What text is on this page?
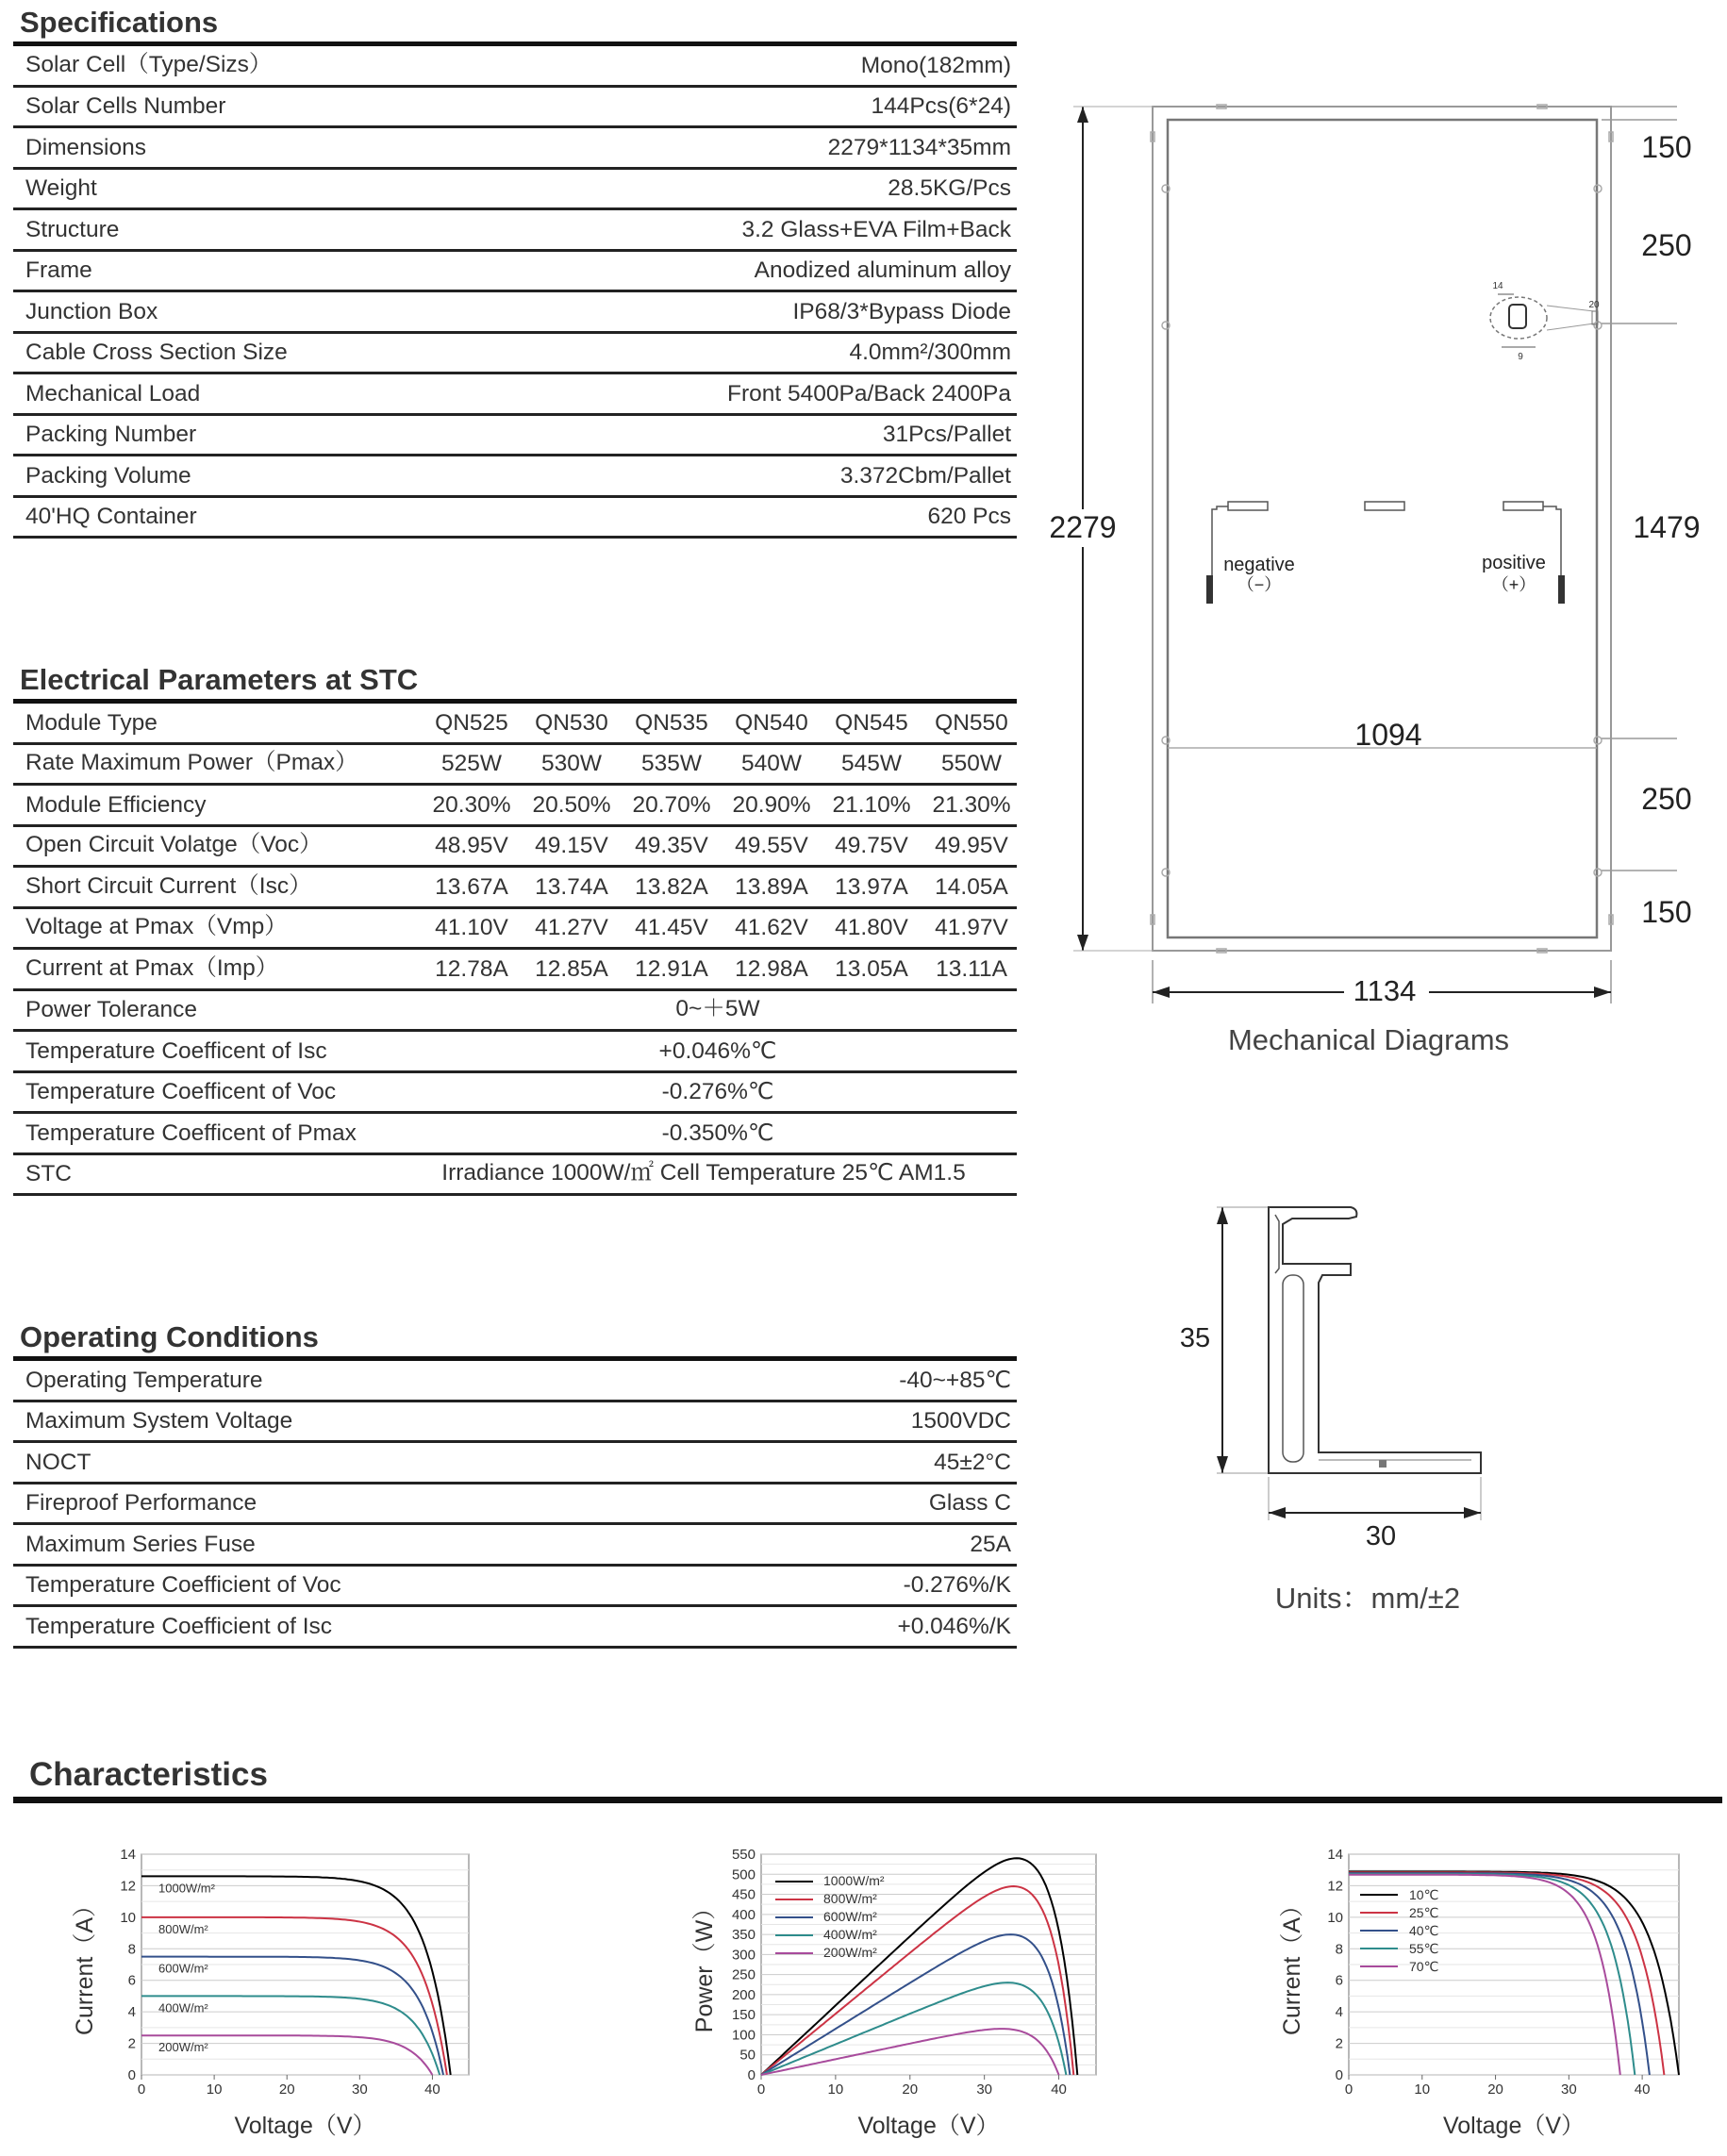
Specifications
Solar Cell（Type/Sizs）	Mono(182mm)
Solar Cells Number	144Pcs(6*24)
Dimensions	2279*1134*35mm
Weight	28.5KG/Pcs
Structure	3.2 Glass+EVA Film+Back
Frame	Anodized aluminum alloy
Junction Box	IP68/3*Bypass Diode
Cable Cross Section Size	4.0mm²/300mm
Mechanical Load	Front 5400Pa/Back 2400Pa
Packing Number	31Pcs/Pallet
Packing Volume	3.372Cbm/Pallet
40'HQ Container	620 Pcs
Electrical Parameters at STC
Module Type	QN525	QN530	QN535	QN540	QN545	QN550
Rate Maximum Power（Pmax）	525W	530W	535W	540W	545W	550W
Module Efficiency	20.30% 20.50% 20.70% 20.90% 21.10% 21.30%
Open Circuit Volatge（Voc）	48.95V	49.15V	49.35V	49.55V	49.75V	49.95V
Short Circuit Current（Isc）	13.67A	13.74A	13.82A	13.89A	13.97A	14.05A
Voltage at Pmax（Vmp）	41.10V	41.27V	41.45V	41.62V	41.80V	41.97V
Current at Pmax（Imp）	12.78A	12.85A	12.91A	12.98A	13.05A	13.11A
Power Tolerance	0~＋5W
Temperature Coefficent of Isc	+0.046%℃
Temperature Coefficent of Voc	-0.276%℃
Temperature Coefficent of Pmax	-0.350%℃
STC	Irradiance 1000W/㎡ Cell Temperature 25℃ AM1.5
Operating Conditions
Operating Temperature	-40~+85℃
Maximum System Voltage	1500VDC
NOCT	45±2°C
Fireproof Performance	Glass C
Maximum Series Fuse	25A
Temperature Coefficient of Voc	-0.276%/K
Temperature Coefficient of Isc	+0.046%/K
2279
150
250
1479
250
150
1094
14
20
9
negative
（−）
positive
（+）
1134
Mechanical Diagrams
35
30
Units：mm/±2
Characteristics
0
2
4
6
8
10
12
14
0	10	20	30	40
Voltage（V）
Current（A）
1000W/m²
800W/m²
600W/m²
400W/m²
200W/m²
0
50
100
150
200
250
300
350
400
450
500
550
0	10	20	30	40
Voltage（V）
Power（W）
1000W/m²
800W/m²
600W/m²
400W/m²
200W/m²
0
2
4
6
8
10
12
14
0	10	20	30	40
Voltage（V）
Current（A）	10℃
25℃
40℃
55℃
70℃
